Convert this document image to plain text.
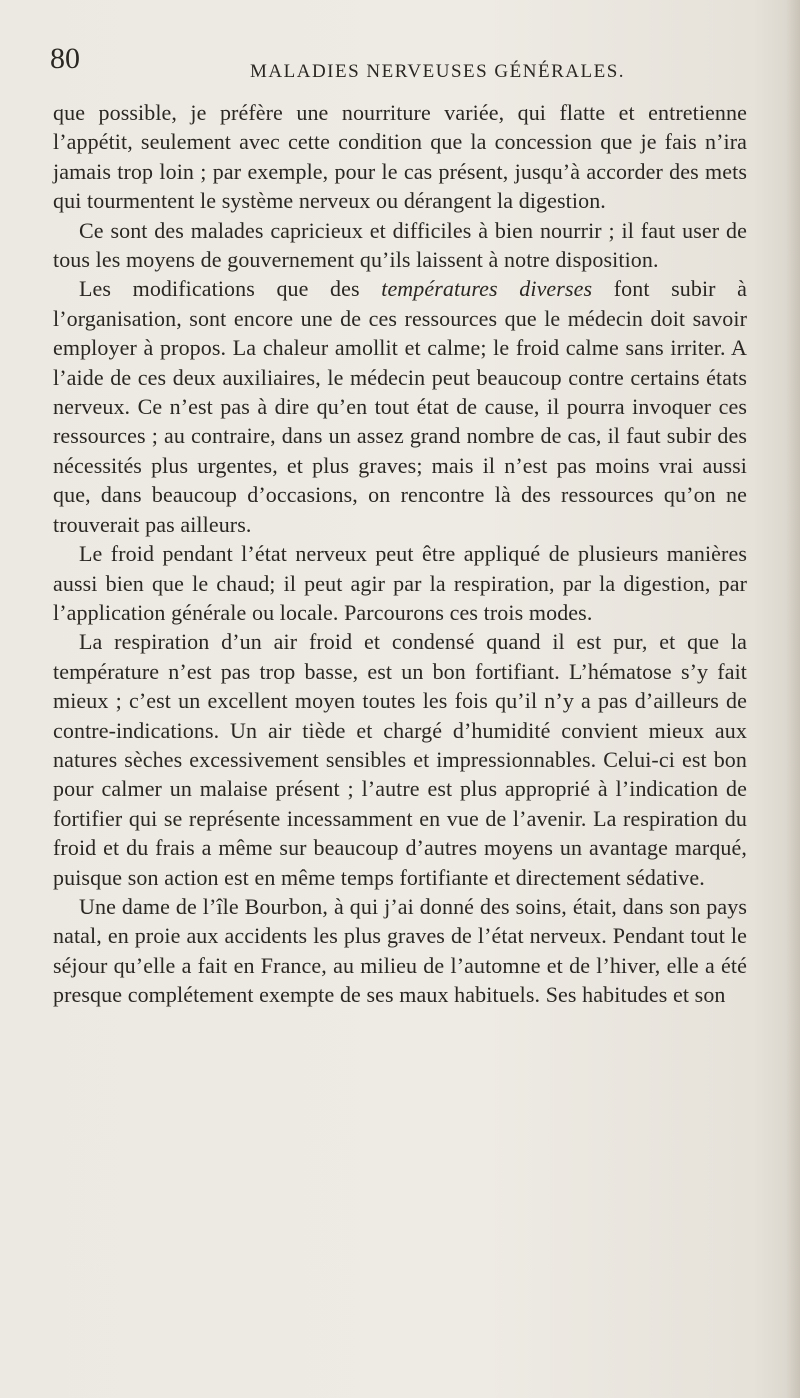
80	MALADIES NERVEUSES GÉNÉRALES.

que possible, je préfère une nourriture variée, qui flatte et entretienne l’appétit, seulement avec cette condition que la concession que je fais n’ira jamais trop loin ; par exemple, pour le cas présent, jusqu’à accorder des mets qui tourmentent le système nerveux ou dérangent la digestion.

Ce sont des malades capricieux et difficiles à bien nourrir ; il faut user de tous les moyens de gouvernement qu’ils laissent à notre disposition.

Les modifications que des températures diverses font subir à l’organisation, sont encore une de ces ressources que le médecin doit savoir employer à propos. La chaleur amollit et calme; le froid calme sans irriter. A l’aide de ces deux auxiliaires, le médecin peut beaucoup contre certains états nerveux. Ce n’est pas à dire qu’en tout état de cause, il pourra invoquer ces ressources ; au contraire, dans un assez grand nombre de cas, il faut subir des nécessités plus urgentes, et plus graves; mais il n’est pas moins vrai aussi que, dans beaucoup d’occasions, on rencontre là des ressources qu’on ne trouverait pas ailleurs.

Le froid pendant l’état nerveux peut être appliqué de plusieurs manières aussi bien que le chaud; il peut agir par la respiration, par la digestion, par l’application générale ou locale. Parcourons ces trois modes.

La respiration d’un air froid et condensé quand il est pur, et que la température n’est pas trop basse, est un bon fortifiant. L’hématose s’y fait mieux ; c’est un excellent moyen toutes les fois qu’il n’y a pas d’ailleurs de contre-indications. Un air tiède et chargé d’humidité convient mieux aux natures sèches excessivement sensibles et impressionnables. Celui-ci est bon pour calmer un malaise présent ; l’autre est plus approprié à l’indication de fortifier qui se représente incessamment en vue de l’avenir. La respiration du froid et du frais a même sur beaucoup d’autres moyens un avantage marqué, puisque son action est en même temps fortifiante et directement sédative.

Une dame de l’île Bourbon, à qui j’ai donné des soins, était, dans son pays natal, en proie aux accidents les plus graves de l’état nerveux. Pendant tout le séjour qu’elle a fait en France, au milieu de l’automne et de l’hiver, elle a été presque complétement exempte de ses maux habituels. Ses habitudes et son
